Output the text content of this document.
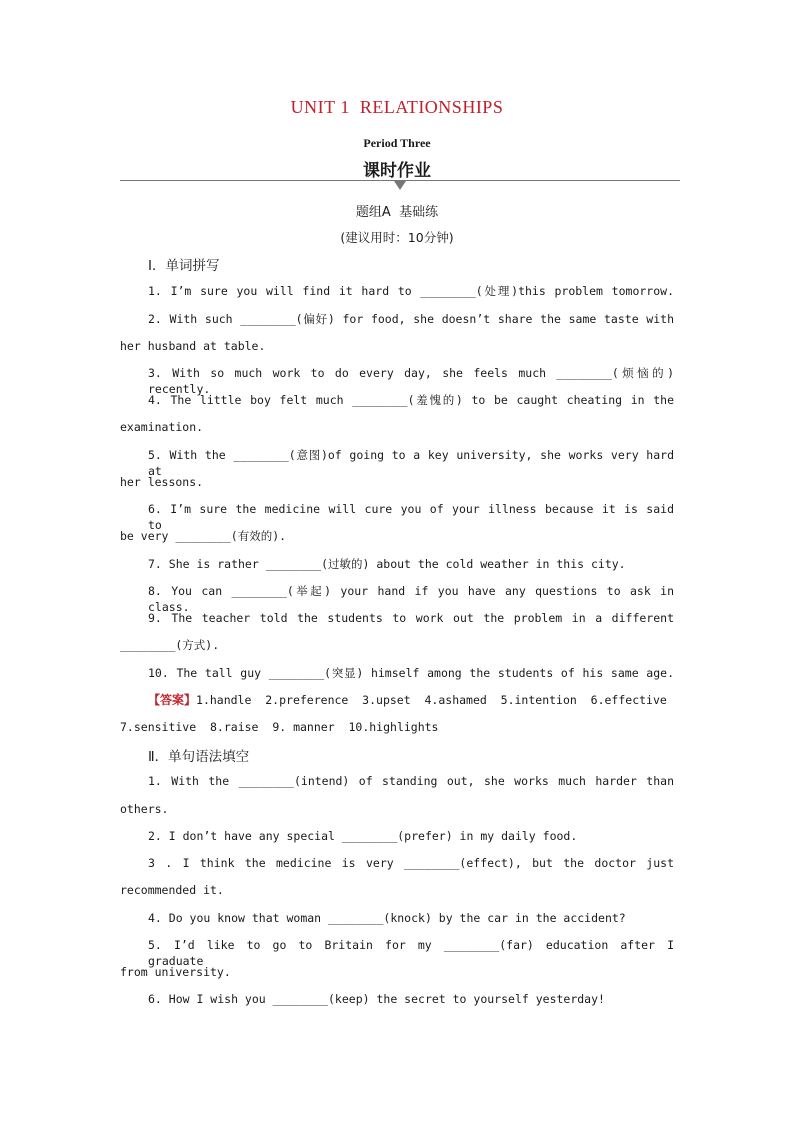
UNIT 1  RELATIONSHIPS
Period Three
课时作业
题组A  基础练
(建议用时：10分钟)
Ⅰ．单词拼写
1. I’m sure you will find it hard to ________(处理)this problem tomorrow.
2. With such ________(偏好) for food, she doesn’t share the same taste with
her husband at table.
3. With so much work to do every day, she feels much ________(烦恼的) recently.
4. The little boy felt much ________(羞愧的) to be caught cheating in the
examination.
5. With the ________(意图)of going to a key university, she works very hard at
her lessons.
6. I’m sure the medicine will cure you of your illness because it is said to
be very ________(有效的).
7. She is rather ________(过敏的) about the cold weather in this city.
8. You can ________(举起) your hand if you have any questions to ask in class.
9. The teacher told the students to work out the problem in a different
________(方式).
10. The tall guy ________(突显) himself among the students of his same age.
【答案】1.handle  2.preference  3.upset  4.ashamed  5.intention  6.effective
7.sensitive  8.raise  9. manner  10.highlights
Ⅱ．单句语法填空
1. With the ________(intend) of standing out, she works much harder than
others.
2. I don’t have any special ________(prefer) in my daily food.
3 . I think the medicine is very ________(effect), but the doctor just
recommended it.
4. Do you know that woman ________(knock) by the car in the accident?
5. I’d like to go to Britain for my ________(far) education after I graduate
from university.
6. How I wish you ________(keep) the secret to yourself yesterday!
